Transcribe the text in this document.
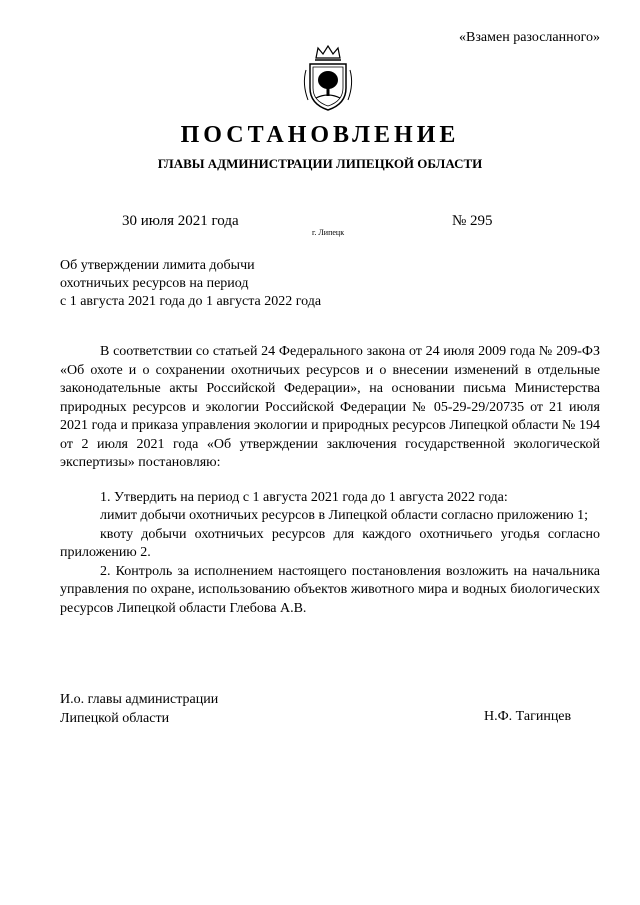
«Взамен разосланного»
ПОСТАНОВЛЕНИЕ
ГЛАВЫ АДМИНИСТРАЦИИ ЛИПЕЦКОЙ ОБЛАСТИ
30 июля 2021 года
г. Липецк
№ 295
Об утверждении лимита добычи
охотничьих ресурсов на период
с 1 августа 2021 года до 1 августа 2022 года

В соответствии со статьей 24 Федерального закона от 24 июля 2009 года № 209-ФЗ «Об охоте и о сохранении охотничьих ресурсов и о внесении изменений в отдельные законодательные акты Российской Федерации», на основании письма Министерства природных ресурсов и экологии Российской Федерации № 05-29-29/20735 от 21 июля 2021 года и приказа управления экологии и природных ресурсов Липецкой области № 194 от 2 июля 2021 года «Об утверждении заключения государственной экологической экспертизы» постановляю:

1. Утвердить на период с 1 августа 2021 года до 1 августа 2022 года:

лимит добычи охотничьих ресурсов в Липецкой области согласно приложению 1;

квоту добычи охотничьих ресурсов для каждого охотничьего угодья согласно приложению 2.

2. Контроль за исполнением настоящего постановления возложить на начальника управления по охране, использованию объектов животного мира и водных биологических ресурсов Липецкой области Глебова А.В.

И.о. главы администрации
Липецкой области	Н.Ф. Тагинцев
